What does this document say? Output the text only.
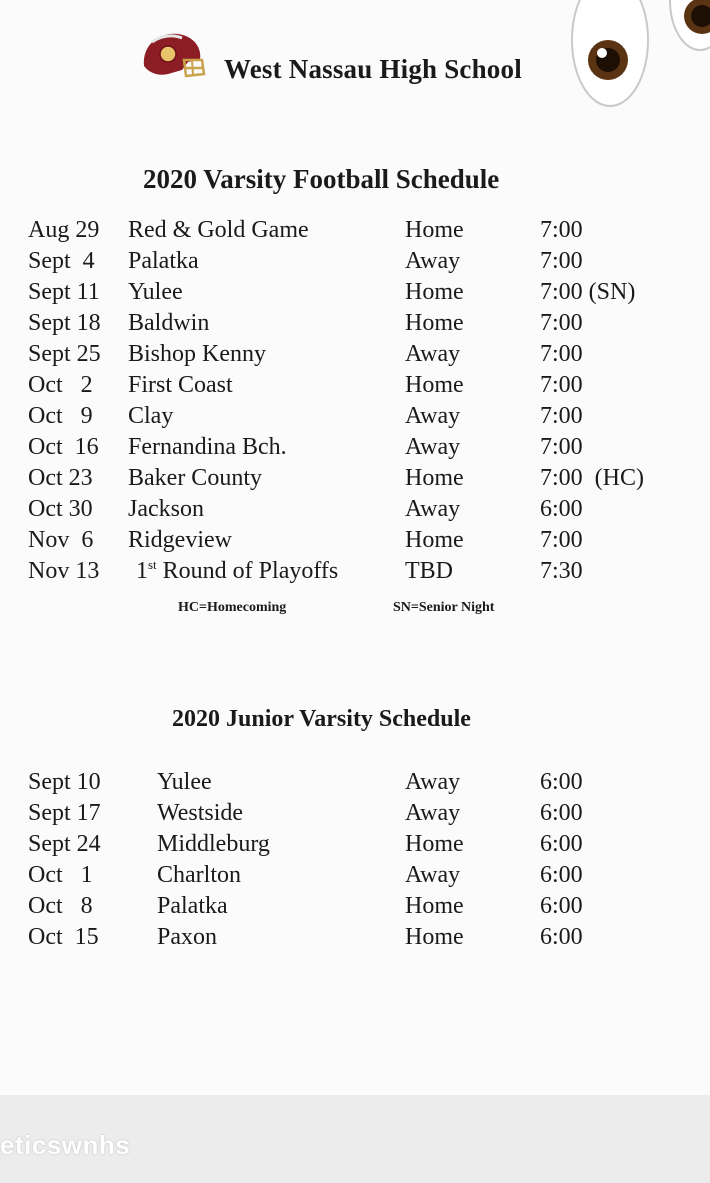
West Nassau High School
2020 Varsity Football Schedule
Aug 29 Red & Gold Game	Home	7:00
Sept  4 Palatka	Away	7:00
Sept 11 Yulee	Home	7:00 (SN)
Sept 18 Baldwin	Home	7:00
Sept 25 Bishop Kenny	Away	7:00
Oct   2 First Coast	Home	7:00
Oct   9 Clay	Away	7:00
Oct  16 Fernandina Bch.	Away	7:00
Oct 23 Baker County	Home	7:00  (HC)
Oct 30 Jackson	Away	6:00
Nov  6 Ridgeview	Home	7:00
Nov 13 1st Round of Playoffs	TBD	7:30
HC=Homecoming	SN=Senior Night
2020 Junior Varsity Schedule
Sept 10 Yulee	Away	6:00
Sept 17 Westside	Away	6:00
Sept 24 Middleburg	Home	6:00
Oct   1	Charlton	Away	6:00
Oct   8	Palatka	Home	6:00
Oct  15 Paxon	Home	6:00
eticswnhs
